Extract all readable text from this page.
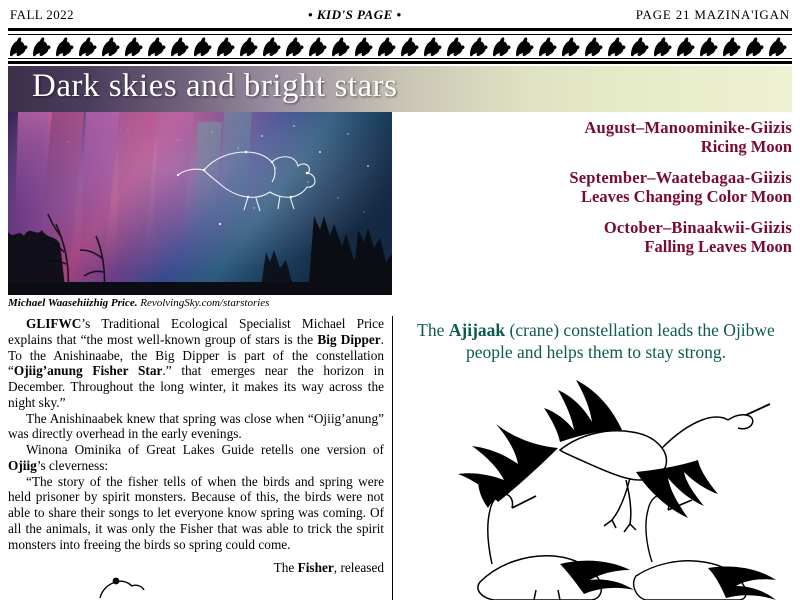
FALL 2022	• KID'S PAGE •	PAGE 21 MAZINA'IGAN
Dark skies and bright stars
Michael Waasehiizhig Price. RevolvingSky.com/starstories
August–Manoominike-Giizis
Ricing Moon
September–Waatebagaa-Giizis
Leaves Changing Color Moon
October–Binaakwii-Giizis
Falling Leaves Moon

GLIFWC’s Traditional Ecological Specialist Michael Price explains that “the most well-known group of stars is the Big Dipper. To the Anishinaabe, the Big Dipper is part of the constellation “Ojiig’anung Fisher Star.” that emerges near the horizon in December. Throughout the long winter, it makes its way across the night sky.”

The Anishinaabek knew that spring was close when “Ojiig’anung” was directly overhead in the early evenings.

Winona Ominika of Great Lakes Guide retells one version of Ojiig’s cleverness:

“The story of the fisher tells of when the birds and spring were held prisoner by spirit monsters. Because of this, the birds were not able to share their songs to let everyone know spring was coming. Of all the animals, it was only the Fisher that was able to trick the spirit monsters into freeing the birds so spring could come.

The Fisher, released
The Ajijaak (crane) constellation leads the Ojibwe people and helps them to stay strong.
